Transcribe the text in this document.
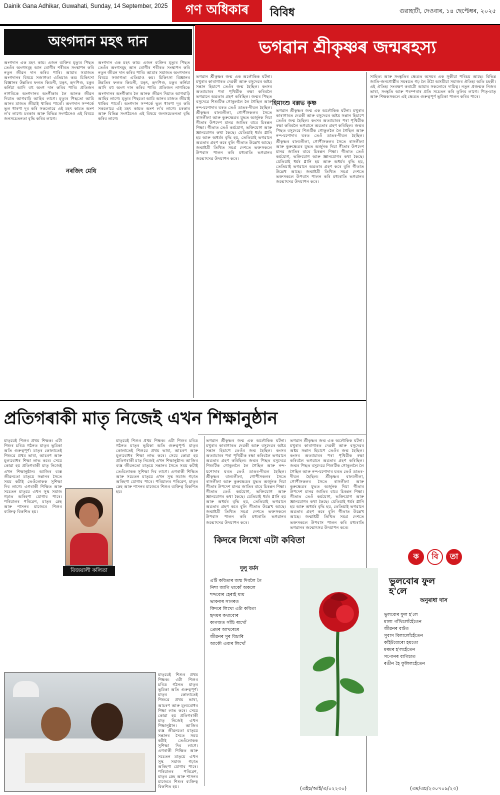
Dainik Gana Adhikar, Guwahati, Sunday, 14 September, 2025	গণ অধিকাৰ	বিবিধ	গুৱাহাটী, দেওবাৰ, ১৪ ছেপ্টেম্বৰ, ২০২৫
অংগদান মহৎ দান
অংগদান এক মহৎ কাম। এজন ব্যক্তিৰ মৃত্যুৰ পিছত তেওঁৰ অংগসমূহ আন ৰোগীৰ শৰীৰত সংস্থাপন কৰি নতুন জীৱন দান কৰিব পাৰি। আমাৰ সমাজত অংগদানৰ বিষয়ে সজাগতা এতিয়াও কম। চিকিৎসা বিজ্ঞানৰ উন্নতিৰ ফলত কিডনী, যকৃৎ, হৃদপিণ্ড, চকুৰ কৰ্নিয়া আদি বহু অংগ দান কৰিব পাৰি। প্ৰতিজন নাগৰিকে অংগদানৰ অংগীকাৰ লৈ আনক জীৱন দিয়াত আগবাঢ়ি আহিব লাগে। মৃত্যুৰ পিছতো আমি আনৰ মাজত জীয়াই থাকিব পাৰোঁ। অংগদান সম্পৰ্কে ভুল ধাৰণা দূৰ কৰি সকলোৱে এই মহৎ কামত অংশ ল'ব লাগে। চৰকাৰ আৰু বিভিন্ন সংগঠনেও এই বিষয়ে জনসচেতনতা বৃদ্ধি কৰিব লাগে।
অংগদান এক মহৎ কাম। এজন ব্যক্তিৰ মৃত্যুৰ পিছত তেওঁৰ অংগসমূহ আন ৰোগীৰ শৰীৰত সংস্থাপন কৰি নতুন জীৱন দান কৰিব পাৰি। আমাৰ সমাজত অংগদানৰ বিষয়ে সজাগতা এতিয়াও কম। চিকিৎসা বিজ্ঞানৰ উন্নতিৰ ফলত কিডনী, যকৃৎ, হৃদপিণ্ড, চকুৰ কৰ্নিয়া আদি বহু অংগ দান কৰিব পাৰি। প্ৰতিজন নাগৰিকে অংগদানৰ অংগীকাৰ লৈ আনক জীৱন দিয়াত আগবাঢ়ি আহিব লাগে। মৃত্যুৰ পিছতো আমি আনৰ মাজত জীয়াই থাকিব পাৰোঁ। অংগদান সম্পৰ্কে ভুল ধাৰণা দূৰ কৰি সকলোৱে এই মহৎ কামত অংশ ল'ব লাগে। চৰকাৰ আৰু বিভিন্ন সংগঠনেও এই বিষয়ে জনসচেতনতা বৃদ্ধি কৰিব লাগে।
নৰজিৎ মেধি
ভগৱান শ্ৰীকৃষ্ণৰ জন্মৰহস্য
হিমাংশু বল্লভ কৃষ্ণ
ভগৱান শ্ৰীকৃষ্ণৰ জন্ম এক অলৌকিক ঘটনা। মথুৰাৰ কাৰাগাৰত দেৱকী আৰু বসুদেৱৰ অষ্টম সন্তান হিচাপে তেওঁৰ জন্ম হৈছিল। কংসৰ অত্যাচাৰৰ পৰা পৃথিৱীক ৰক্ষা কৰিবলৈ ভগৱানে অৱতাৰ গ্ৰহণ কৰিছিল। জন্মৰ পিছত বসুদেৱে শিশুটিক গোকুললৈ লৈ গৈছিল আৰু নন্দ-যশোদাৰ ঘৰত তেওঁ ডাঙৰ-দীঘল হৈছিল। শ্ৰীকৃষ্ণৰ বাল্যলীলা, গোপীসকলৰ সৈতে ৰাসলীলা আৰু কুৰুক্ষেত্ৰৰ যুদ্ধত অৰ্জুনক দিয়া গীতাৰ উপদেশ মানৱ জাতিৰ বাবে চিৰন্তন শিক্ষা। গীতাত তেওঁ কৰ্মযোগ, ভক্তিযোগ আৰু জ্ঞানযোগৰ কথা কৈছে। যেতিয়াই ধৰ্মৰ গ্লানি হয় আৰু অধৰ্মৰ বৃদ্ধি হয়, তেতিয়াই ভগৱানে অৱতাৰ গ্ৰহণ কৰে বুলি গীতাত উল্লেখ আছে। জন্মাষ্টমী তিথিত সমগ্ৰ দেশতে ভক্তসকলে উপবাস পালন কৰি মধ্যৰাতি ভগৱানৰ জন্মোৎসৱ উদযাপন কৰে।
ভগৱান শ্ৰীকৃষ্ণৰ জন্ম এক অলৌকিক ঘটনা। মথুৰাৰ কাৰাগাৰত দেৱকী আৰু বসুদেৱৰ অষ্টম সন্তান হিচাপে তেওঁৰ জন্ম হৈছিল। কংসৰ অত্যাচাৰৰ পৰা পৃথিৱীক ৰক্ষা কৰিবলৈ ভগৱানে অৱতাৰ গ্ৰহণ কৰিছিল। জন্মৰ পিছত বসুদেৱে শিশুটিক গোকুললৈ লৈ গৈছিল আৰু নন্দ-যশোদাৰ ঘৰত তেওঁ ডাঙৰ-দীঘল হৈছিল। শ্ৰীকৃষ্ণৰ বাল্যলীলা, গোপীসকলৰ সৈতে ৰাসলীলা আৰু কুৰুক্ষেত্ৰৰ যুদ্ধত অৰ্জুনক দিয়া গীতাৰ উপদেশ মানৱ জাতিৰ বাবে চিৰন্তন শিক্ষা। গীতাত তেওঁ কৰ্মযোগ, ভক্তিযোগ আৰু জ্ঞানযোগৰ কথা কৈছে। যেতিয়াই ধৰ্মৰ গ্লানি হয় আৰু অধৰ্মৰ বৃদ্ধি হয়, তেতিয়াই ভগৱানে অৱতাৰ গ্ৰহণ কৰে বুলি গীতাত উল্লেখ আছে। জন্মাষ্টমী তিথিত সমগ্ৰ দেশতে ভক্তসকলে উপবাস পালন কৰি মধ্যৰাতি ভগৱানৰ জন্মোৎসৱ উদযাপন কৰে।
সাহিত্য আৰু সংস্কৃতিৰ ক্ষেত্ৰত অসমৰ এক সুকীয়া পৰিচয় আছে। বিভিন্ন জাতি-জনগোষ্ঠীৰ সমন্বয়ত গঢ় লৈ উঠা অসমীয়া সমাজৰ ঐতিহ্য অতি চহকী। এই ঐতিহ্য সংৰক্ষণ কৰাটো আমাৰ সকলোৰে দায়িত্ব। নতুন প্ৰজন্মক নিজৰ ভাষা, সংস্কৃতি আৰু পৰম্পৰাৰ প্ৰতি সচেতন কৰি তুলিব লাগে। পিতৃ-মাতৃ আৰু শিক্ষকসকলে এই ক্ষেত্ৰত গুৰুত্বপূৰ্ণ ভূমিকা পালন কৰিব পাৰে।
ভগৱান শ্ৰীকৃষ্ণৰ জন্ম এক অলৌকিক ঘটনা। মথুৰাৰ কাৰাগাৰত দেৱকী আৰু বসুদেৱৰ অষ্টম সন্তান হিচাপে তেওঁৰ জন্ম হৈছিল। কংসৰ অত্যাচাৰৰ পৰা পৃথিৱীক ৰক্ষা কৰিবলৈ ভগৱানে অৱতাৰ গ্ৰহণ কৰিছিল। জন্মৰ পিছত বসুদেৱে শিশুটিক গোকুললৈ লৈ গৈছিল আৰু নন্দ-যশোদাৰ ঘৰত তেওঁ ডাঙৰ-দীঘল হৈছিল। শ্ৰীকৃষ্ণৰ বাল্যলীলা, গোপীসকলৰ সৈতে ৰাসলীলা আৰু কুৰুক্ষেত্ৰৰ যুদ্ধত অৰ্জুনক দিয়া গীতাৰ উপদেশ মানৱ জাতিৰ বাবে চিৰন্তন শিক্ষা। গীতাত তেওঁ কৰ্মযোগ, ভক্তিযোগ আৰু জ্ঞানযোগৰ কথা কৈছে। যেতিয়াই ধৰ্মৰ গ্লানি হয় আৰু অধৰ্মৰ বৃদ্ধি হয়, তেতিয়াই ভগৱানে অৱতাৰ গ্ৰহণ কৰে বুলি গীতাত উল্লেখ আছে। জন্মাষ্টমী তিথিত সমগ্ৰ দেশতে ভক্তসকলে উপবাস পালন কৰি মধ্যৰাতি ভগৱানৰ জন্মোৎসৱ উদযাপন কৰে।
ভগৱান শ্ৰীকৃষ্ণৰ জন্ম এক অলৌকিক ঘটনা। মথুৰাৰ কাৰাগাৰত দেৱকী আৰু বসুদেৱৰ অষ্টম সন্তান হিচাপে তেওঁৰ জন্ম হৈছিল। কংসৰ অত্যাচাৰৰ পৰা পৃথিৱীক ৰক্ষা কৰিবলৈ ভগৱানে অৱতাৰ গ্ৰহণ কৰিছিল। জন্মৰ পিছত বসুদেৱে শিশুটিক গোকুললৈ লৈ গৈছিল আৰু নন্দ-যশোদাৰ ঘৰত তেওঁ ডাঙৰ-দীঘল হৈছিল। শ্ৰীকৃষ্ণৰ বাল্যলীলা, গোপীসকলৰ সৈতে ৰাসলীলা আৰু কুৰুক্ষেত্ৰৰ যুদ্ধত অৰ্জুনক দিয়া গীতাৰ উপদেশ মানৱ জাতিৰ বাবে চিৰন্তন শিক্ষা। গীতাত তেওঁ কৰ্মযোগ, ভক্তিযোগ আৰু জ্ঞানযোগৰ কথা কৈছে। যেতিয়াই ধৰ্মৰ গ্লানি হয় আৰু অধৰ্মৰ বৃদ্ধি হয়, তেতিয়াই ভগৱানে অৱতাৰ গ্ৰহণ কৰে বুলি গীতাত উল্লেখ আছে। জন্মাষ্টমী তিথিত সমগ্ৰ দেশতে ভক্তসকলে উপবাস পালন কৰি মধ্যৰাতি ভগৱানৰ জন্মোৎসৱ উদযাপন কৰে।
প্ৰতিগৰাকী মাতৃ নিজেই এখন শিক্ষানুষ্ঠান
মাতৃয়েই শিশুৰ প্ৰথম শিক্ষক। এটা শিশুৰ চৰিত্ৰ গঠনত মাতৃৰ ভূমিকা অতি গুৰুত্বপূৰ্ণ। মাতৃৰ কোলাতেই শিশুৱে প্ৰথম ভাষা, আচৰণ আৰু মূল্যবোধৰ শিক্ষা লাভ কৰে। সেয়ে কোৱা হয় প্ৰতিগৰাকী মাতৃ নিজেই এখন শিক্ষানুষ্ঠান। আজিৰ ব্যস্ত জীৱনতো মাতৃয়ে সন্তানৰ সৈতে সময় কটাই তেওঁলোকক সুশিক্ষা দিব লাগে। এগৰাকী শিক্ষিত আৰু সচেতন মাতৃয়ে এখন সুস্থ সমাজ গঢ়াত অৰিহণা যোগাব পাৰে। পৰিয়ালৰ পৰিৱেশ, মাতৃৰ স্নেহ আৰু শাসনৰ মাজেৰে শিশুৰ ব্যক্তিত্ব বিকশিত হয়।
মাতৃয়েই শিশুৰ প্ৰথম শিক্ষক। এটা শিশুৰ চৰিত্ৰ গঠনত মাতৃৰ ভূমিকা অতি গুৰুত্বপূৰ্ণ। মাতৃৰ কোলাতেই শিশুৱে প্ৰথম ভাষা, আচৰণ আৰু মূল্যবোধৰ শিক্ষা লাভ কৰে। সেয়ে কোৱা হয় প্ৰতিগৰাকী মাতৃ নিজেই এখন শিক্ষানুষ্ঠান। আজিৰ ব্যস্ত জীৱনতো মাতৃয়ে সন্তানৰ সৈতে সময় কটাই তেওঁলোকক সুশিক্ষা দিব লাগে। এগৰাকী শিক্ষিত আৰু সচেতন মাতৃয়ে এখন সুস্থ সমাজ গঢ়াত অৰিহণা যোগাব পাৰে। পৰিয়ালৰ পৰিৱেশ, মাতৃৰ স্নেহ আৰু শাসনৰ মাজেৰে শিশুৰ ব্যক্তিত্ব বিকশিত হয়।
মাতৃয়েই শিশুৰ প্ৰথম শিক্ষক। এটা শিশুৰ চৰিত্ৰ গঠনত মাতৃৰ ভূমিকা অতি গুৰুত্বপূৰ্ণ। মাতৃৰ কোলাতেই শিশুৱে প্ৰথম ভাষা, আচৰণ আৰু মূল্যবোধৰ শিক্ষা লাভ কৰে। সেয়ে কোৱা হয় প্ৰতিগৰাকী মাতৃ নিজেই এখন শিক্ষানুষ্ঠান। আজিৰ ব্যস্ত জীৱনতো মাতৃয়ে সন্তানৰ সৈতে সময় কটাই তেওঁলোকক সুশিক্ষা দিব লাগে। এগৰাকী শিক্ষিত আৰু সচেতন মাতৃয়ে এখন সুস্থ সমাজ গঢ়াত অৰিহণা যোগাব পাৰে। পৰিয়ালৰ পৰিৱেশ, মাতৃৰ স্নেহ আৰু শাসনৰ মাজেৰে শিশুৰ ব্যক্তিত্ব বিকশিত হয়।
বিজয়ালী কলিতা
কিদৰে লিখো এটা কবিতা
দুলু বৰ্মন
এটি কবিতাৰ জন্ম দিবলৈ গৈ
নিশা জাগি থাকোঁ অকলে
শব্দবোৰ হেৰাই যায়
ভাবনাৰ সাগৰত
কিদৰে লিখো এটা কবিতা
হৃদয়ৰ কথাবোৰ
কাগজত সাঁচি ৰাখোঁ
প্ৰেমৰ আখৰেৰে
জীৱনৰ সুৰ বিচাৰি
আকৌ এবাৰ লিখোঁ
ক	বি	তা
ভুলবোৰ ফুল হ'লে
অনুৰাধা দাস
ভুলবোৰ ফুল হ'লে
মালা গাঁথিলোঁহেঁতেন
জীৱনৰ বাটত
সুবাস বিলালোঁহেঁতেন
কাঁইটবোৰো হয়তো
মৰমৰ হ'লহেঁতেন
সপোনৰ বাগিচাত
ৰঙীন হৈ ফুলিলহেঁতেন
(এইচ/আই/এ/০২২৩০)	(এম/এচ/২৩০৭০৯/২৩)
